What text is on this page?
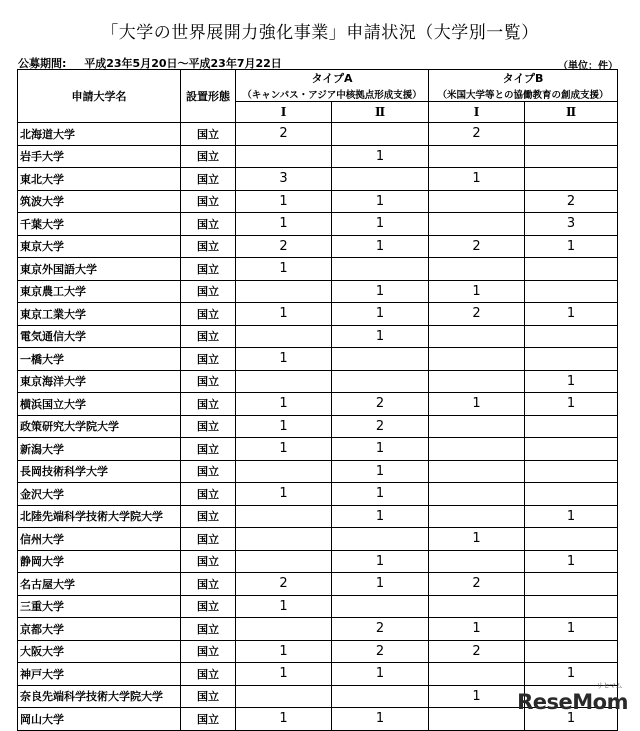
「大学の世界展開力強化事業」申請状況（大学別一覧）
公募期間: 平成23年5月20日～平成23年7月22日	（単位：件）
申請大学名	設置形態	タイプA
（キャンパス・アジア中核拠点形成支援）		タイプB
（米国大学等との協働教育の創成支援）	

		Ⅰ	Ⅱ	Ⅰ	Ⅱ
北海道大学	国立	2		2	
岩手大学	国立		1		
東北大学	国立	3		1	
筑波大学	国立	1	1		2
千葉大学	国立	1	1		3
東京大学	国立	2	1	2	1
東京外国語大学	国立	1			
東京農工大学	国立		1	1	
東京工業大学	国立	1	1	2	1
電気通信大学	国立		1		
一橋大学	国立	1			
東京海洋大学	国立				1
横浜国立大学	国立	1	2	1	1
政策研究大学院大学	国立	1	2		
新潟大学	国立	1	1		
長岡技術科学大学	国立		1		
金沢大学	国立	1	1		
北陸先端科学技術大学院大学	国立		1		1
信州大学	国立			1	
静岡大学	国立		1		1
名古屋大学	国立	2	1	2	
三重大学	国立	1			
京都大学	国立		2	1	1
大阪大学	国立	1	2	2	
神戸大学	国立	1	1		1
奈良先端科学技術大学院大学	国立			1	
岡山大学	国立	1	1		1
リセマム
ReseMom
